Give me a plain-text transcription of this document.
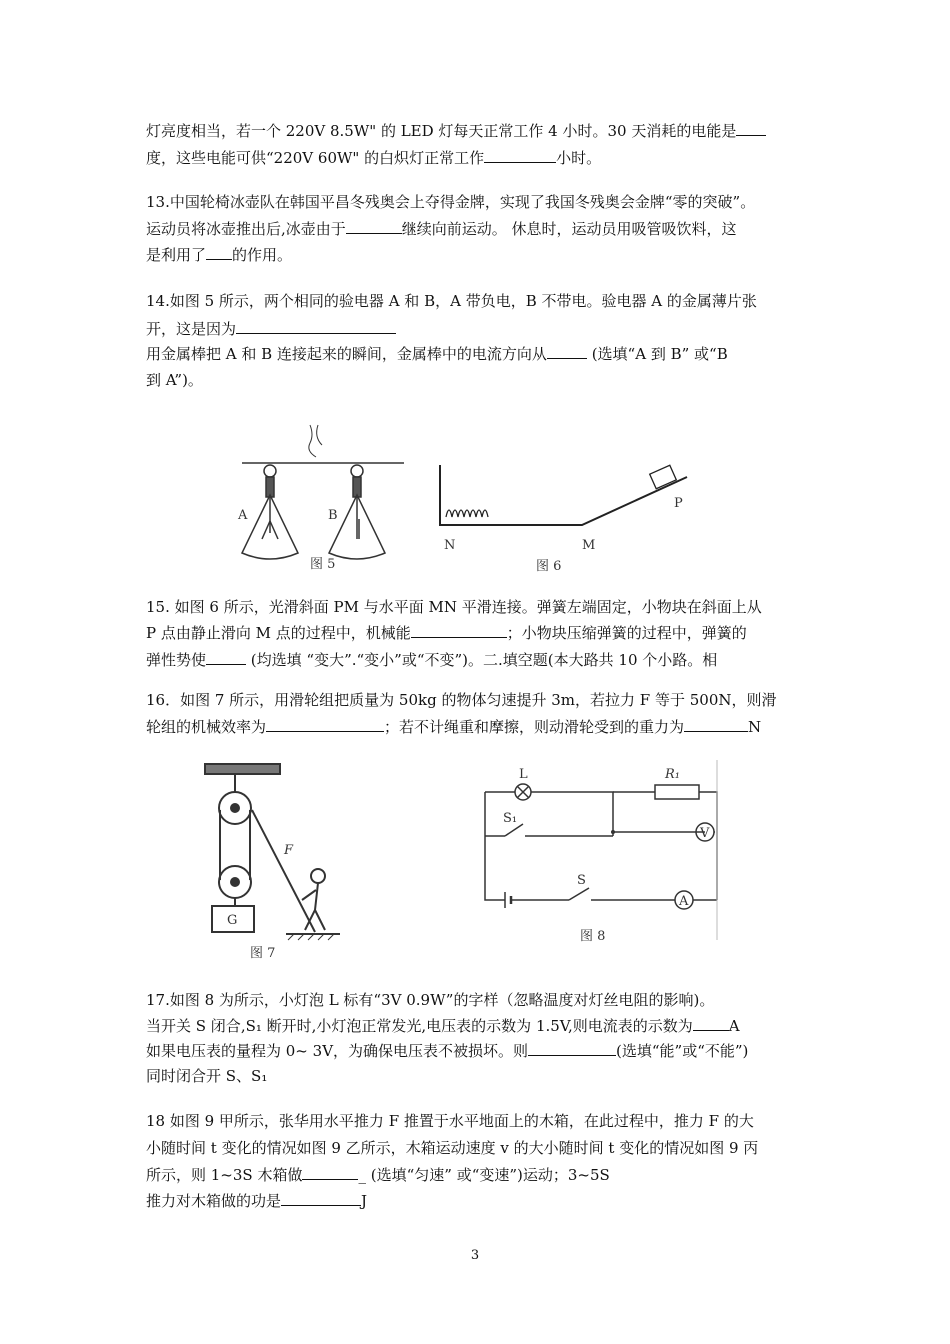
灯亮度相当，若一个 220V 8.5W" 的 LED 灯每天正常工作 4 小时。30 天消耗的电能是
度，这些电能可供“220V 60W" 的白炽灯正常工作	小时。
13.中国轮椅冰壶队在韩国平昌冬残奥会上夺得金牌，实现了我国冬残奥会金牌“零的突破”。
运动员将冰壶推出后,冰壶由于	继续向前运动。 休息时，运动员用吸管吸饮料，这
是利用了 的作用。
14.如图 5 所示，两个相同的验电器 A 和 B，A 带负电，B 不带电。验电器 A 的金属薄片张
开，这是因为
用金属棒把 A 和 B 连接起来的瞬间，金属棒中的电流方向从	(选填“A 到 B” 或“B
到 A”)。
A	B
图 5
N	M
P
图 6
15. 如图 6 所示，光滑斜面 PM 与水平面 MN 平滑连接。弹簧左端固定，小物块在斜面上从
P 点由静止滑向 M 点的过程中，机械能	；小物块压缩弹簧的过程中，弹簧的
弹性势使	(均选填 “变大”.“变小”或“不变”)。二.填空题(本大路共 10 个小路。相
16．如图 7 所示，用滑轮组把质量为 50kg 的物体匀速提升 3m，若拉力 F 等于 500N，则滑
轮组的机械效率为	；若不计绳重和摩擦，则动滑轮受到的重力为	N
F
G
图 7
L	R₁
S₁
S
V
A
图 8
17.如图 8 为所示，小灯泡 L 标有“3V 0.9W”的字样（忽略温度对灯丝电阻的影响)。
当开关 S 闭合,S₁ 断开时,小灯泡正常发光,电压表的示数为 1.5V,则电流表的示数为 A
如果电压表的量程为 0~ 3V，为确保电压表不被损坏。则	(选填“能”或“不能”)
同时闭合开 S、S₁
18 如图 9 甲所示，张华用水平推力 F 推置于水平地面上的木箱，在此过程中，推力 F 的大
小随时间 t 变化的情况如图 9 乙所示，木箱运动速度 v 的大小随时间 t 变化的情况如图 9 丙
所示，则 1~3S 木箱做	_ (选填“匀速” 或“变速”)运动；3~5S
推力对木箱做的功是	J
3
